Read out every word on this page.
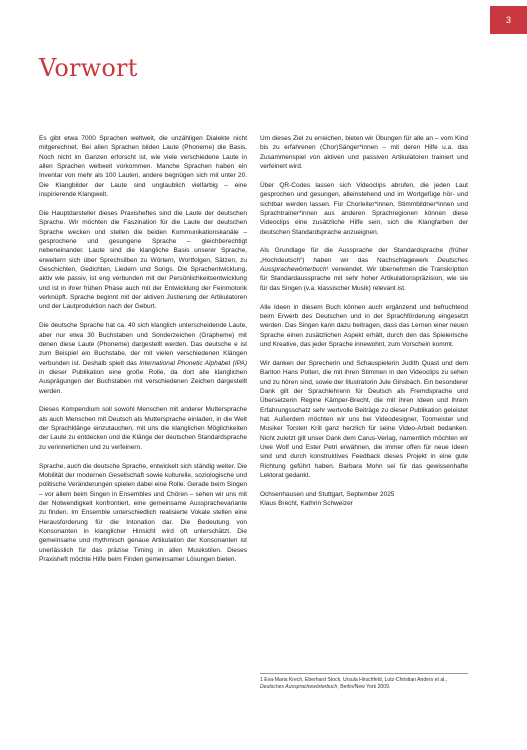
3
Vorwort

Es gibt etwa 7000 Sprachen weltweit, die unzähligen Dialekte nicht mitgerechnet. Bei allen Sprachen bilden Laute (Phoneme) die Basis. Noch nicht im Ganzen erforscht ist, wie viele verschiedene Laute in allen Sprachen weltweit vorkommen. Manche Sprachen haben ein Inventar von mehr als 100 Lauten, andere begnügen sich mit unter 20. Die Klangbilder der Laute sind unglaublich vielfarbig – eine inspirierende Klangwelt.

Die Hauptdarsteller dieses Praxisheftes sind die Laute der deutschen Sprache. Wir möchten die Faszination für die Laute der deutschen Sprache wecken und stellen die beiden Kommunikationskanäle – gesprochene und gesungene Sprache – gleichberechtigt nebeneinander. Laute sind die klangliche Basis unserer Sprache, erweitern sich über Sprechsilben zu Wörtern, Wortfolgen, Sätzen, zu Geschichten, Gedichten, Liedern und Songs. Die Sprachentwicklung, aktiv wie passiv, ist eng verbunden mit der Persönlichkeitsentwicklung und ist in ihrer frühen Phase auch mit der Entwicklung der Feinmotorik verknüpft. Sprache beginnt mit der aktiven Justierung der Artikulatoren und der Lautproduktion nach der Geburt.

Die deutsche Sprache hat ca. 40 sich klanglich unterscheidende Laute, aber nur etwa 30 Buchstaben und Sonderzeichen (Grapheme) mit denen diese Laute (Phoneme) dargestellt werden. Das deutsche e ist zum Beispiel ein Buchstabe, der mit vielen verschiedenen Klängen verbunden ist. Deshalb spielt das International Phonetic Alphabet (IPA) in dieser Publikation eine große Rolle, da dort alle klanglichen Ausprägungen der Buchstaben mit verschiedenen Zeichen dargestellt werden.

Dieses Kompendium soll sowohl Menschen mit anderer Muttersprache als auch Menschen mit Deutsch als Muttersprache einladen, in die Welt der Sprachklänge einzutauchen, mit uns die klanglichen Möglichkeiten der Laute zu entdecken und die Klänge der deutschen Standardsprache zu verinnerlichen und zu verfeinern.

Sprache, auch die deutsche Sprache, entwickelt sich ständig weiter. Die Mobilität der modernen Gesellschaft sowie kulturelle, soziologische und politische Veränderungen spielen dabei eine Rolle. Gerade beim Singen – vor allem beim Singen in Ensembles und Chören – sehen wir uns mit der Notwendigkeit konfrontiert, eine gemeinsame Aussprachevariante zu finden. Im Ensemble unterschiedlich realisierte Vokale stellen eine Herausforderung für die Intonation dar. Die Bedeutung von Konsonanten in klanglicher Hinsicht wird oft unterschätzt. Die gemeinsame und rhythmisch genaue Artikulation der Konsonanten ist unerlässlich für das präzise Timing in allen Musikstilen. Dieses Praxisheft möchte Hilfe beim Finden gemeinsamer Lösungen bieten.

Um dieses Ziel zu erreichen, bieten wir Übungen für alle an – vom Kind bis zu erfahrenen (Chor)Sänger*innen – mit deren Hilfe u.a. das Zusammenspiel von aktiven und passiven Artikulatoren trainiert und verfeinert wird.

Über QR-Codes lassen sich Videoclips abrufen, die jeden Laut gesprochen und gesungen, alleinstehend und im Wortgefüge hör- und sichtbar werden lassen. Für Chorleiter*innen, Stimmbildner*innen und Sprachtrainer*innen aus anderen Sprachregionen können diese Videoclips eine zusätzliche Hilfe sein, sich die Klangfarben der deutschen Standardsprache anzueignen.

Als Grundlage für die Aussprache der Standardsprache (früher „Hochdeutsch“) haben wir das Nachschlagewerk Deutsches Aussprachewörterbuch¹ verwendet. Wir übernehmen die Transkription für Standardaussprache mit sehr hoher Artikulationspräzision, wie sie für das Singen (v.a. klassischer Musik) relevant ist.

Alle Ideen in diesem Buch können auch ergänzend und befruchtend beim Erwerb des Deutschen und in der Sprachförderung eingesetzt werden. Das Singen kann dazu beitragen, dass das Lernen einer neuen Sprache einen zusätzlichen Aspekt erhält, durch den das Spielerische und Kreative, das jeder Sprache innewohnt, zum Vorschein kommt.

Wir danken der Sprecherin und Schauspielerin Judith Quast und dem Bariton Hans Polten, die mit ihren Stimmen in den Videoclips zu sehen und zu hören sind, sowie der Illustratorin Jule Ginsbach. Ein besonderer Dank gilt der Sprachlehrerin für Deutsch als Fremdsprache und Übersetzerin Regine Kämper-Brecht, die mit ihren Ideen und ihrem Erfahrungsschatz sehr wertvolle Beiträge zu dieser Publikation geleistet hat. Außerdem möchten wir uns bei Videodesigner, Tonmeister und Musiker Torsten Krill ganz herzlich für seine Video-Arbeit bedanken. Nicht zuletzt gilt unser Dank dem Carus-Verlag, namentlich möchten wir Uwe Wolf und Ester Petri erwähnen, die immer offen für neue Ideen sind und durch konstruktives Feedback dieses Projekt in eine gute Richtung geführt haben. Barbara Mohn sei für das gewissenhafte Lektorat gedankt.

Ochsenhausen und Stuttgart, September 2025
Klaus Brecht, Kathrin Schweizer

1 Eva-Maria Krech, Eberhard Stock, Ursula Hirschfeld, Lutz-Christian Anders et al., Deutsches Aussprachewörterbuch, Berlin/New York 2009.
